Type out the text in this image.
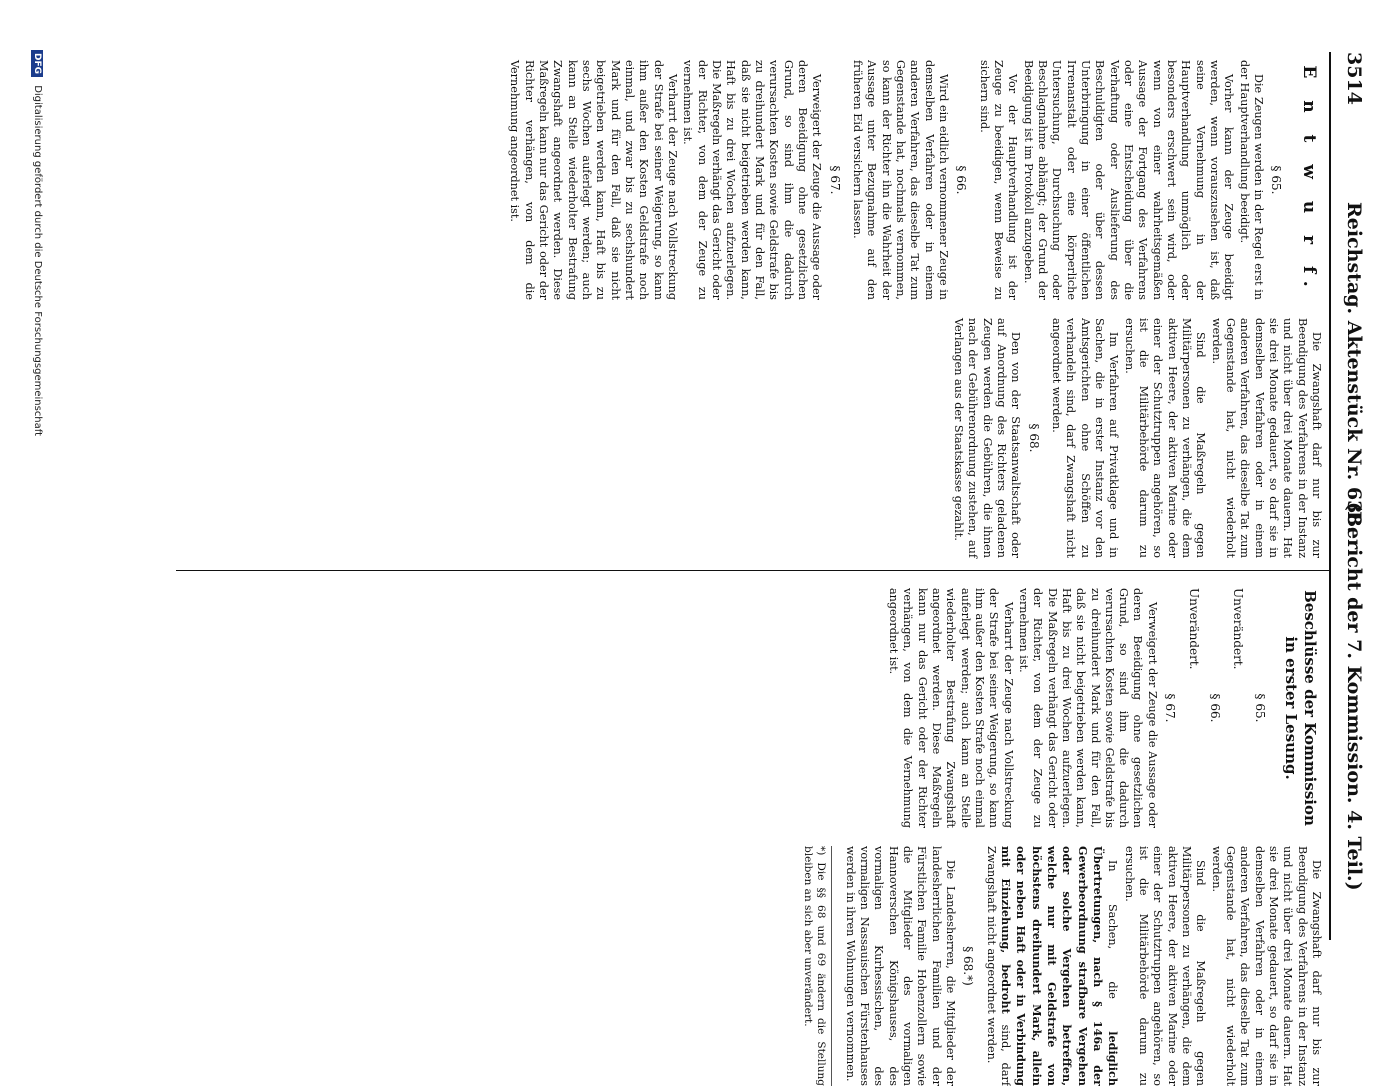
3514
Reichstag. Aktenstück Nr. 638.
(Bericht der 7. Kommission. 4. Teil.)
E n t w u r f.
§ 65.

Die Zeugen werden in der Regel erst in der Hauptverhandlung beeidigt.

Vorher kann der Zeuge beeidigt werden, wenn vorauszusehen ist, daß seine Vernehmung in der Hauptverhandlung unmöglich oder besonders erschwert sein wird, oder wenn von einer wahrheitsgemäßen Aussage der Fortgang des Verfahrens oder eine Entscheidung über die Verhaftung oder Auslieferung des Beschuldigten oder über dessen Unterbringung in einer öffentlichen Irrenanstalt oder eine körperliche Untersuchung, Durchsuchung oder Beschlagnahme abhängt; der Grund der Beeidigung ist im Protokoll anzugeben.

Vor der Hauptverhandlung ist der Zeuge zu beeidigen, wenn Beweise zu sichern sind.

§ 66.

Wird ein eidlich vernommener Zeuge in demselben Verfahren oder in einem anderen Verfahren, das dieselbe Tat zum Gegenstande hat, nochmals vernommen, so kann der Richter ihn die Wahrheit der Aussage unter Bezugnahme auf den früheren Eid versichern lassen.

§ 67.

Verweigert der Zeuge die Aussage oder deren Beeidigung ohne gesetzlichen Grund, so sind ihm die dadurch verursachten Kosten sowie Geldstrafe bis zu dreihundert Mark und für den Fall, daß sie nicht beigetrieben werden kann, Haft bis zu drei Wochen aufzuerlegen. Die Maßregeln verhängt das Gericht oder der Richter, von dem der Zeuge zu vernehmen ist.

Verharrt der Zeuge nach Vollstreckung der Strafe bei seiner Weigerung, so kann ihm außer den Kosten Geldstrafe noch einmal, und zwar bis zu sechshundert Mark und für den Fall, daß sie nicht beigetrieben werden kann, Haft bis zu sechs Wochen auferlegt werden; auch kann an Stelle wiederholter Bestrafung Zwangshaft angeordnet werden. Diese Maßregeln kann nur das Gericht oder der Richter verhängen, von dem die Vernehmung angeordnet ist.

Die Zwangshaft darf nur bis zur Beendigung des Verfahrens in der Instanz und nicht über drei Monate dauern. Hat sie drei Monate gedauert, so darf sie in demselben Verfahren oder in einem anderen Verfahren, das dieselbe Tat zum Gegenstande hat, nicht wiederholt werden.

Sind die Maßregeln gegen Militärpersonen zu verhängen, die dem aktiven Heere, der aktiven Marine oder einer der Schutztruppen angehören, so ist die Militärbehörde darum zu ersuchen.

Im Verfahren auf Privatklage und in Sachen, die in erster Instanz vor den Amtsgerichten ohne Schöffen zu verhandeln sind, darf Zwangshaft nicht angeordnet werden.

§ 68.

Den von der Staatsanwaltschaft oder auf Anordnung des Richters geladenen Zeugen werden die Gebühren, die ihnen nach der Gebührenordnung zustehen, auf Verlangen aus der Staatskasse gezahlt.

Beschlüsse der Kommission in erster Lesung.
§ 65.
Unverändert.
§ 66.
Unverändert.
§ 67.

Verweigert der Zeuge die Aussage oder deren Beeidigung ohne gesetzlichen Grund, so sind ihm die dadurch verursachten Kosten sowie Geldstrafe bis zu dreihundert Mark und für den Fall, daß sie nicht beigetrieben werden kann, Haft bis zu drei Wochen aufzuerlegen. Die Maßregeln verhängt das Gericht oder der Richter, von dem der Zeuge zu vernehmen ist.

Verharrt der Zeuge nach Vollstreckung der Strafe bei seiner Weigerung, so kann ihm außer den Kosten Strafe noch einmal auferlegt werden; auch kann an Stelle wiederholter Bestrafung Zwangshaft angeordnet werden. Diese Maßregeln kann nur das Gericht oder der Richter verhängen, von dem die Vernehmung angeordnet ist.

Die Zwangshaft darf nur bis zur Beendigung des Verfahrens in der Instanz und nicht über drei Monate dauern. Hat sie drei Monate gedauert, so darf sie in demselben Verfahren oder in einem anderen Verfahren, das dieselbe Tat zum Gegenstande hat, nicht wiederholt werden.

Sind die Maßregeln gegen Militärpersonen zu verhängen, die dem aktiven Heere, der aktiven Marine oder einer der Schutztruppen angehören, so ist die Militärbehörde darum zu ersuchen.

In Sachen, die lediglich Übertretungen, nach § 146a der Gewerbeordnung strafbare Vergehen oder solche Vergehen betreffen, welche nur mit Geldstrafe von höchstens dreihundert Mark, allein oder neben Haft oder in Verbindung mit Einziehung, bedroht sind, darf Zwangshaft nicht angeordnet werden.

§ 68.*)

Die Landesherren, die Mitglieder der landesherrlichen Familien und der Fürstlichen Familie Hohenzollern sowie die Mitglieder des vormaligen Hannoverschen Königshauses, des vormaligen Kurhessischen, des vormaligen Nassauischen Fürstenhauses werden in ihren Wohnungen vernommen.

*) Die §§ 68 und 69 ändern die Stellung bleiben an sich aber unverändert.
DFG Digitalisierung gefördert durch die Deutsche Forschungsgemeinschaft
